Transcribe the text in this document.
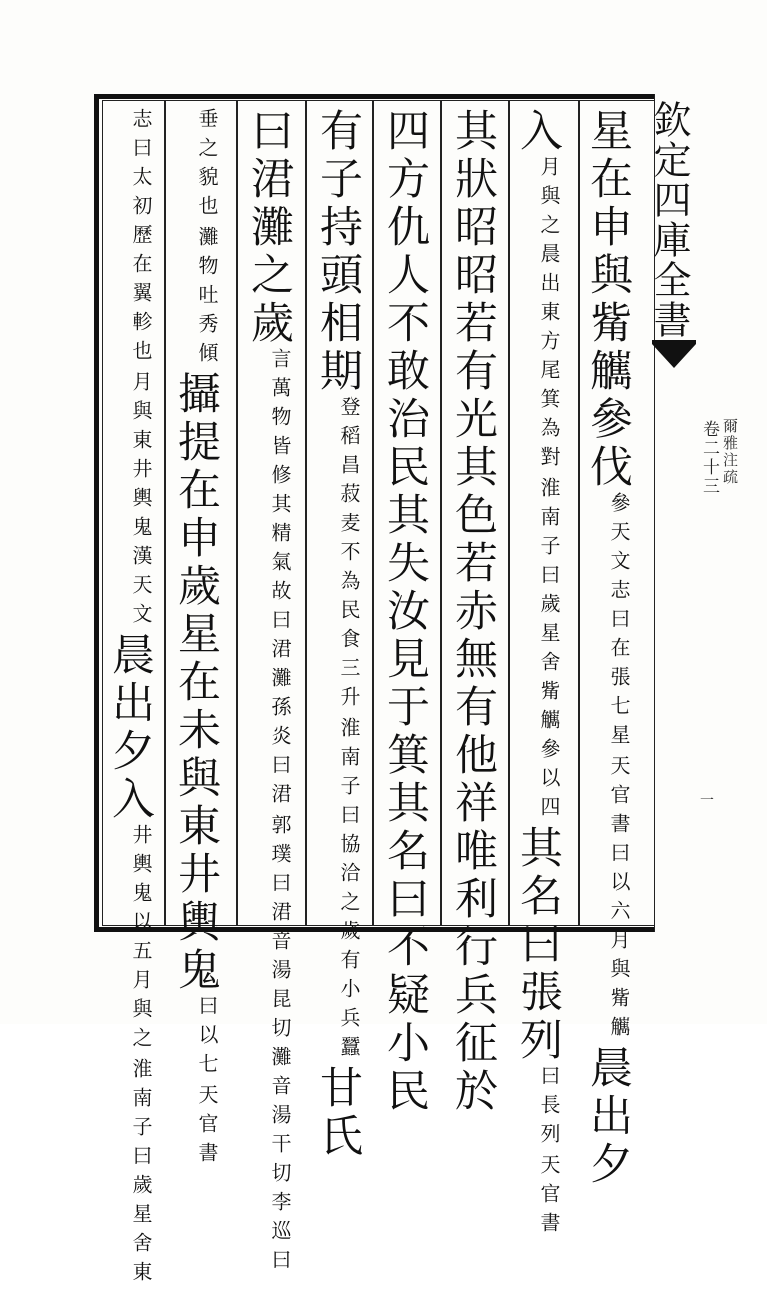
欽定四庫全書
卷二十三 爾雅注疏
一
星在申與觜觽參伐
天官書曰以六月與觜觽
參天文志曰在張七星
晨出夕
入
淮南子曰歲星舍觜觽參以四
月與之晨出東方尾箕為對
其名曰張列
天官書
曰長列
其狀昭昭若有光其色若赤無有他祥唯利行兵征於
四方仇人不敢治民其失汝見于箕其名曰不疑小民
有子持頭相期
淮南子曰協洽之歲有小兵蠶
登稻昌菽麦不為民食三升
甘氏
曰涒灘之歲
郭璞曰涒音湯昆切灘音湯干切李巡曰
言萬物皆修其精氣故曰涒灘孫炎曰涒
灘物吐秀傾
垂之貌也
攝提在申歲星在未與東井輿鬼
天官書
曰以七
月與東井輿鬼漢天文
志曰太初歷在翼軫也
晨出夕入
淮南子曰歲星舍東
井輿鬼以五月與之
